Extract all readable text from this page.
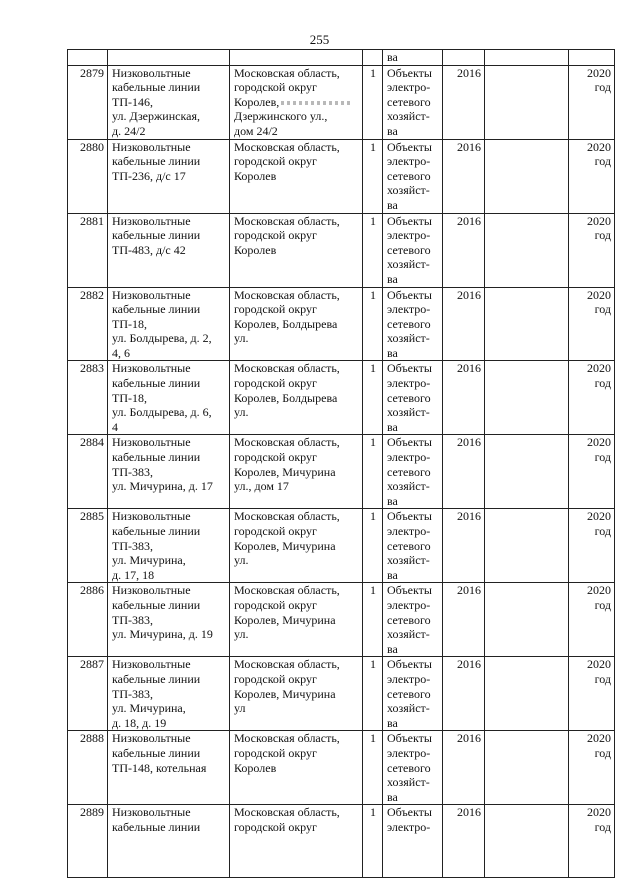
255
				ва			
2879	Низковольтные
кабельные линии
ТП-146,
ул. Дзержинская,
д. 24/2	Московская область,
городской округ
Королев,
Дзержинского ул.,
дом 24/2	1	Объекты
электро-
сетевого
хозяйст-
ва	2016		2020
год

2880	Низковольтные
кабельные линии
ТП-236, д/с 17	Московская область,
городской округ
Королев	1	Объекты
электро-
сетевого
хозяйст-
ва	2016		2020
год

2881	Низковольтные
кабельные линии
ТП-483, д/с 42	Московская область,
городской округ
Королев	1	Объекты
электро-
сетевого
хозяйст-
ва	2016		2020
год

2882	Низковольтные
кабельные линии
ТП-18,
ул. Болдырева, д. 2,
4, 6	Московская область,
городской округ
Королев, Болдырева
ул.	1	Объекты
электро-
сетевого
хозяйст-
ва	2016		2020
год

2883	Низковольтные
кабельные линии
ТП-18,
ул. Болдырева, д. 6,
4	Московская область,
городской округ
Королев, Болдырева
ул.	1	Объекты
электро-
сетевого
хозяйст-
ва	2016		2020
год

2884	Низковольтные
кабельные линии
ТП-383,
ул. Мичурина, д. 17	Московская область,
городской округ
Королев, Мичурина
ул., дом 17	1	Объекты
электро-
сетевого
хозяйст-
ва	2016		2020
год

2885	Низковольтные
кабельные линии
ТП-383,
ул. Мичурина,
д. 17, 18	Московская область,
городской округ
Королев, Мичурина
ул.	1	Объекты
электро-
сетевого
хозяйст-
ва	2016		2020
год

2886	Низковольтные
кабельные линии
ТП-383,
ул. Мичурина, д. 19	Московская область,
городской округ
Королев, Мичурина
ул.	1	Объекты
электро-
сетевого
хозяйст-
ва	2016		2020
год

2887	Низковольтные
кабельные линии
ТП-383,
ул. Мичурина,
д. 18, д. 19	Московская область,
городской округ
Королев, Мичурина
ул	1	Объекты
электро-
сетевого
хозяйст-
ва	2016		2020
год

2888	Низковольтные
кабельные линии
ТП-148, котельная	Московская область,
городской округ
Королев	1	Объекты
электро-
сетевого
хозяйст-
ва	2016		2020
год

2889	Низковольтные
кабельные линии	Московская область,
городской округ	1	Объекты
электро-	2016		2020
год
